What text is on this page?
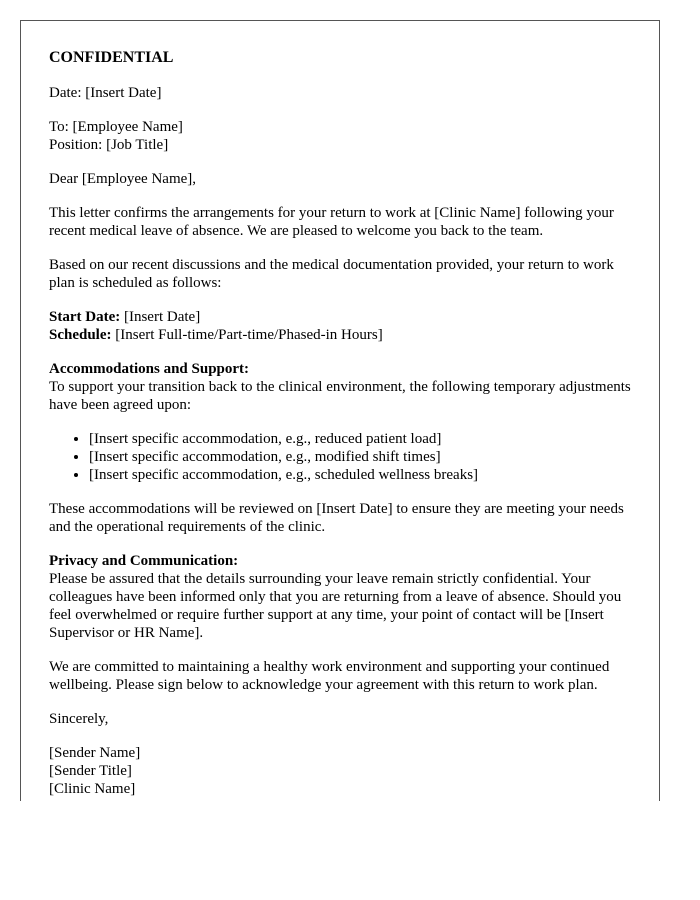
CONFIDENTIAL
Date: [Insert Date]
To: [Employee Name]
Position: [Job Title]
Dear [Employee Name],
This letter confirms the arrangements for your return to work at [Clinic Name] following your recent medical leave of absence. We are pleased to welcome you back to the team.
Based on our recent discussions and the medical documentation provided, your return to work plan is scheduled as follows:
Start Date: [Insert Date]
Schedule: [Insert Full-time/Part-time/Phased-in Hours]
Accommodations and Support:
To support your transition back to the clinical environment, the following temporary adjustments have been agreed upon:
• [Insert specific accommodation, e.g., reduced patient load]
• [Insert specific accommodation, e.g., modified shift times]
• [Insert specific accommodation, e.g., scheduled wellness breaks]
These accommodations will be reviewed on [Insert Date] to ensure they are meeting your needs and the operational requirements of the clinic.
Privacy and Communication:
Please be assured that the details surrounding your leave remain strictly confidential. Your colleagues have been informed only that you are returning from a leave of absence. Should you feel overwhelmed or require further support at any time, your point of contact will be [Insert Supervisor or HR Name].
We are committed to maintaining a healthy work environment and supporting your continued wellbeing. Please sign below to acknowledge your agreement with this return to work plan.
Sincerely,
[Sender Name]
[Sender Title]
[Clinic Name]
